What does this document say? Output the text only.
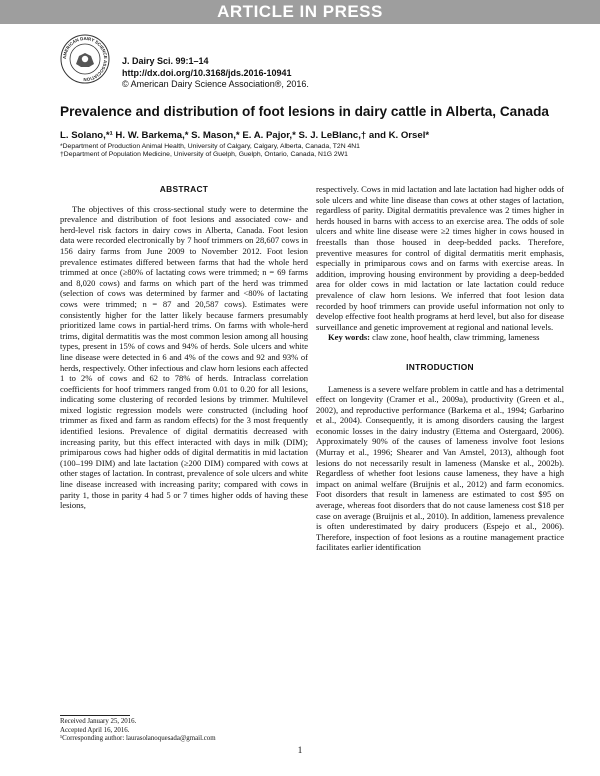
ARTICLE IN PRESS
AMERICAN DAIRY SCIENCE ASSOCIATION
J. Dairy Sci. 99:1–14
http://dx.doi.org/10.3168/jds.2016-10941
© American Dairy Science Association®, 2016.
Prevalence and distribution of foot lesions in dairy cattle in Alberta, Canada
L. Solano,*¹ H. W. Barkema,* S. Mason,* E. A. Pajor,* S. J. LeBlanc,† and K. Orsel*
*Department of Production Animal Health, University of Calgary, Calgary, Alberta, Canada, T2N 4N1
†Department of Population Medicine, University of Guelph, Guelph, Ontario, Canada, N1G 2W1
ABSTRACT

The objectives of this cross-sectional study were to determine the prevalence and distribution of foot lesions and associated cow- and herd-level risk factors in dairy cows in Alberta, Canada. Foot lesion data were recorded electronically by 7 hoof trimmers on 28,607 cows in 156 dairy farms from June 2009 to November 2012. Foot lesion prevalence estimates differed between farms that had the whole herd trimmed at once (≥80% of lactating cows were trimmed; n = 69 farms and 8,020 cows) and farms on which part of the herd was trimmed (selection of cows was determined by farmer and <80% of lactating cows were trimmed; n = 87 and 20,587 cows). Estimates were consistently higher for the latter likely because farmers presumably prioritized lame cows in partial-herd trims. On farms with whole-herd trims, digital dermatitis was the most common lesion among all housing types, present in 15% of cows and 94% of herds. Sole ulcers and white line disease were detected in 6 and 4% of the cows and 92 and 93% of herds, respectively. Other infectious and claw horn lesions each affected 1 to 2% of cows and 62 to 78% of herds. Intraclass correlation coefficients for hoof trimmers ranged from 0.01 to 0.20 for all lesions, indicating some clustering of recorded lesions by trimmer. Multilevel mixed logistic regression models were constructed (including hoof trimmer as fixed and farm as random effects) for the 3 most frequently identified lesions. Prevalence of digital dermatitis decreased with increasing parity, but this effect interacted with days in milk (DIM); primiparous cows had higher odds of digital dermatitis in mid lactation (100–199 DIM) and late lactation (≥200 DIM) compared with cows at other stages of lactation. In contrast, prevalence of sole ulcers and white line disease increased with increasing parity; compared with cows in parity 1, those in parity 4 had 5 or 7 times higher odds of having these lesions,

respectively. Cows in mid lactation and late lactation had higher odds of sole ulcers and white line disease than cows at other stages of lactation, regardless of parity. Digital dermatitis prevalence was 2 times higher in herds housed in barns with access to an exercise area. The odds of sole ulcers and white line disease were ≥2 times higher in cows housed in freestalls than those housed in deep-bedded packs. Therefore, preventive measures for control of digital dermatitis merit emphasis, especially in primiparous cows and on farms with exercise areas. In addition, improving housing environment by providing a deep-bedded area for older cows in mid lactation or late lactation could reduce prevalence of claw horn lesions. We inferred that foot lesion data recorded by hoof trimmers can provide useful information not only to develop effective foot health programs at herd level, but also for disease surveillance and genetic improvement at regional and national levels.
Key words: claw zone, hoof health, claw trimming, lameness
INTRODUCTION

Lameness is a severe welfare problem in cattle and has a detrimental effect on longevity (Cramer et al., 2009a), productivity (Green et al., 2002), and reproductive performance (Barkema et al., 1994; Garbarino et al., 2004). Consequently, it is among disorders causing the largest economic losses in the dairy industry (Ettema and Ostergaard, 2006). Approximately 90% of the causes of lameness involve foot lesions (Murray et al., 1996; Shearer and Van Amstel, 2013), although foot lesions do not necessarily result in lameness (Manske et al., 2002b). Regardless of whether foot lesions cause lameness, they have a high impact on animal welfare (Bruijnis et al., 2012) and farm economics. Foot disorders that result in lameness are estimated to cost $95 on average, whereas foot disorders that do not cause lameness cost $18 per case on average (Bruijnis et al., 2010). In addition, lameness prevalence is often underestimated by dairy producers (Espejo et al., 2006). Therefore, inspection of foot lesions as a routine management practice facilitates earlier identification

Received January 25, 2016.
Accepted April 16, 2016.
¹Corresponding author: laurasolanoquesada@gmail.com
1
